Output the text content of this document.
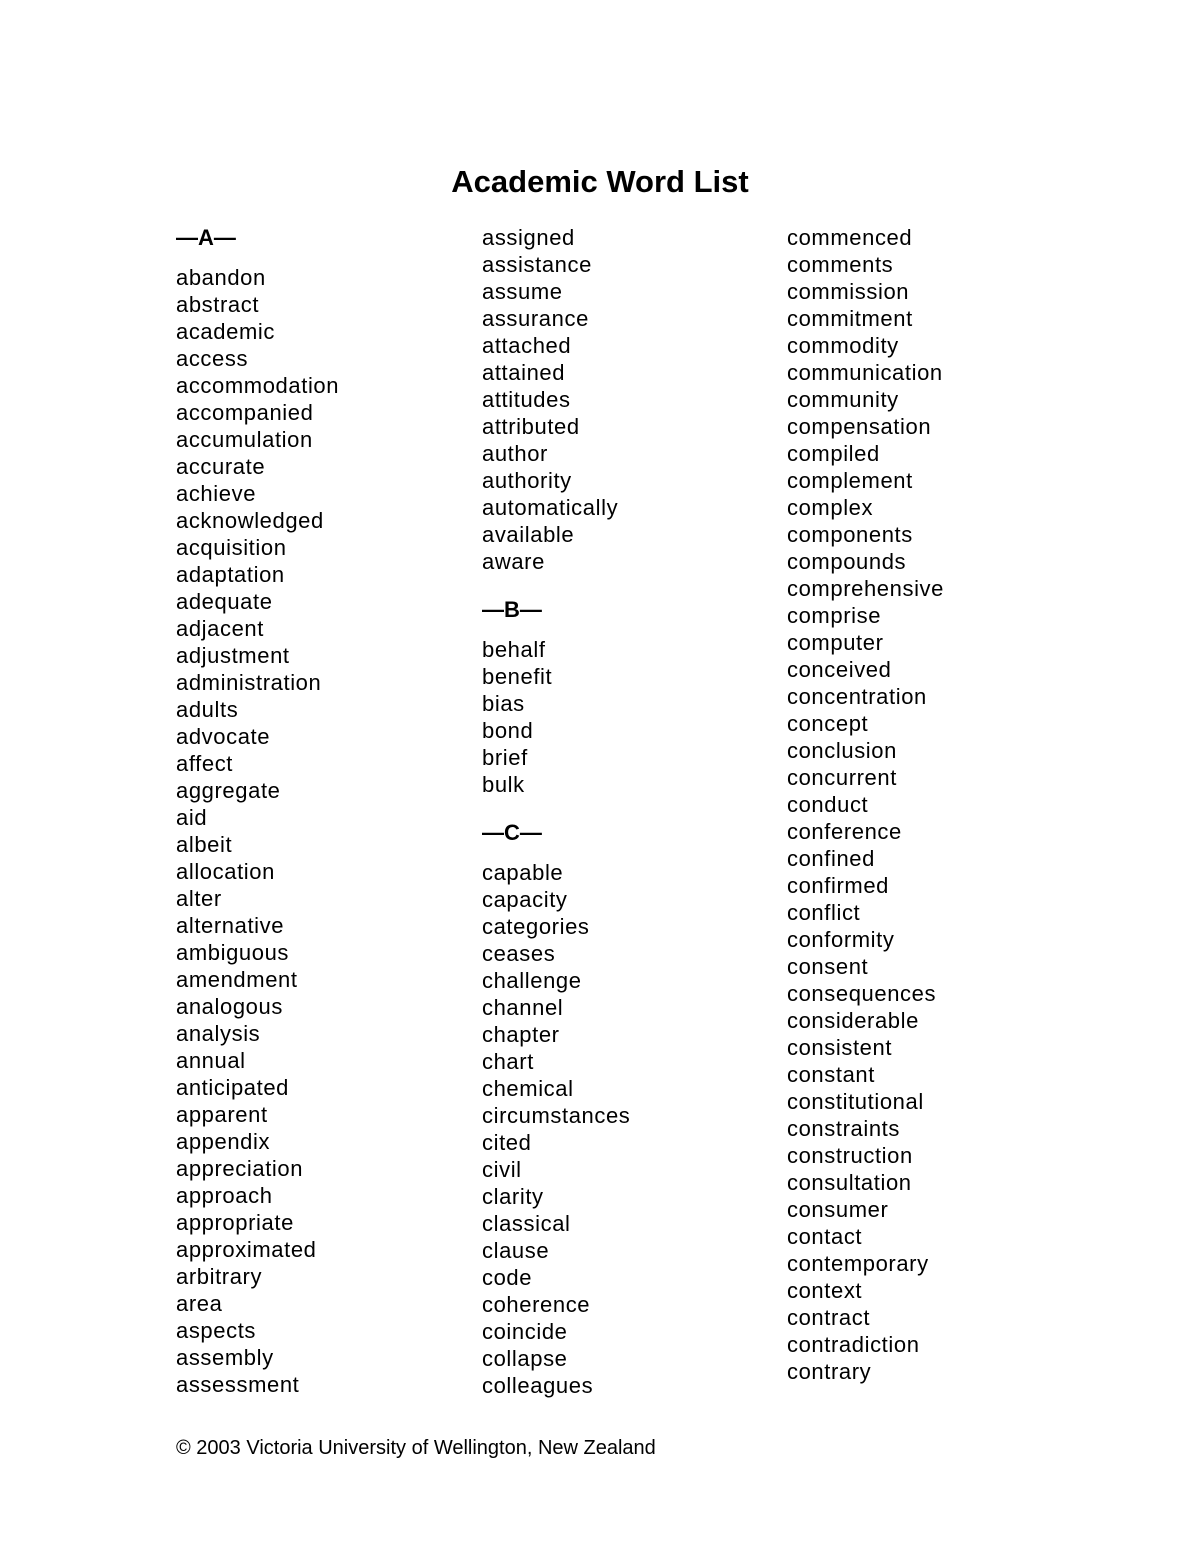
Academic Word List
—A—
abandon
abstract
academic
access
accommodation
accompanied
accumulation
accurate
achieve
acknowledged
acquisition
adaptation
adequate
adjacent
adjustment
administration
adults
advocate
affect
aggregate
aid
albeit
allocation
alter
alternative
ambiguous
amendment
analogous
analysis
annual
anticipated
apparent
appendix
appreciation
approach
appropriate
approximated
arbitrary
area
aspects
assembly
assessment
assigned
assistance
assume
assurance
attached
attained
attitudes
attributed
author
authority
automatically
available
aware
—B—
behalf
benefit
bias
bond
brief
bulk
—C—
capable
capacity
categories
ceases
challenge
channel
chapter
chart
chemical
circumstances
cited
civil
clarity
classical
clause
code
coherence
coincide
collapse
colleagues
commenced
comments
commission
commitment
commodity
communication
community
compensation
compiled
complement
complex
components
compounds
comprehensive
comprise
computer
conceived
concentration
concept
conclusion
concurrent
conduct
conference
confined
confirmed
conflict
conformity
consent
consequences
considerable
consistent
constant
constitutional
constraints
construction
consultation
consumer
contact
contemporary
context
contract
contradiction
contrary
© 2003 Victoria University of Wellington, New Zealand
